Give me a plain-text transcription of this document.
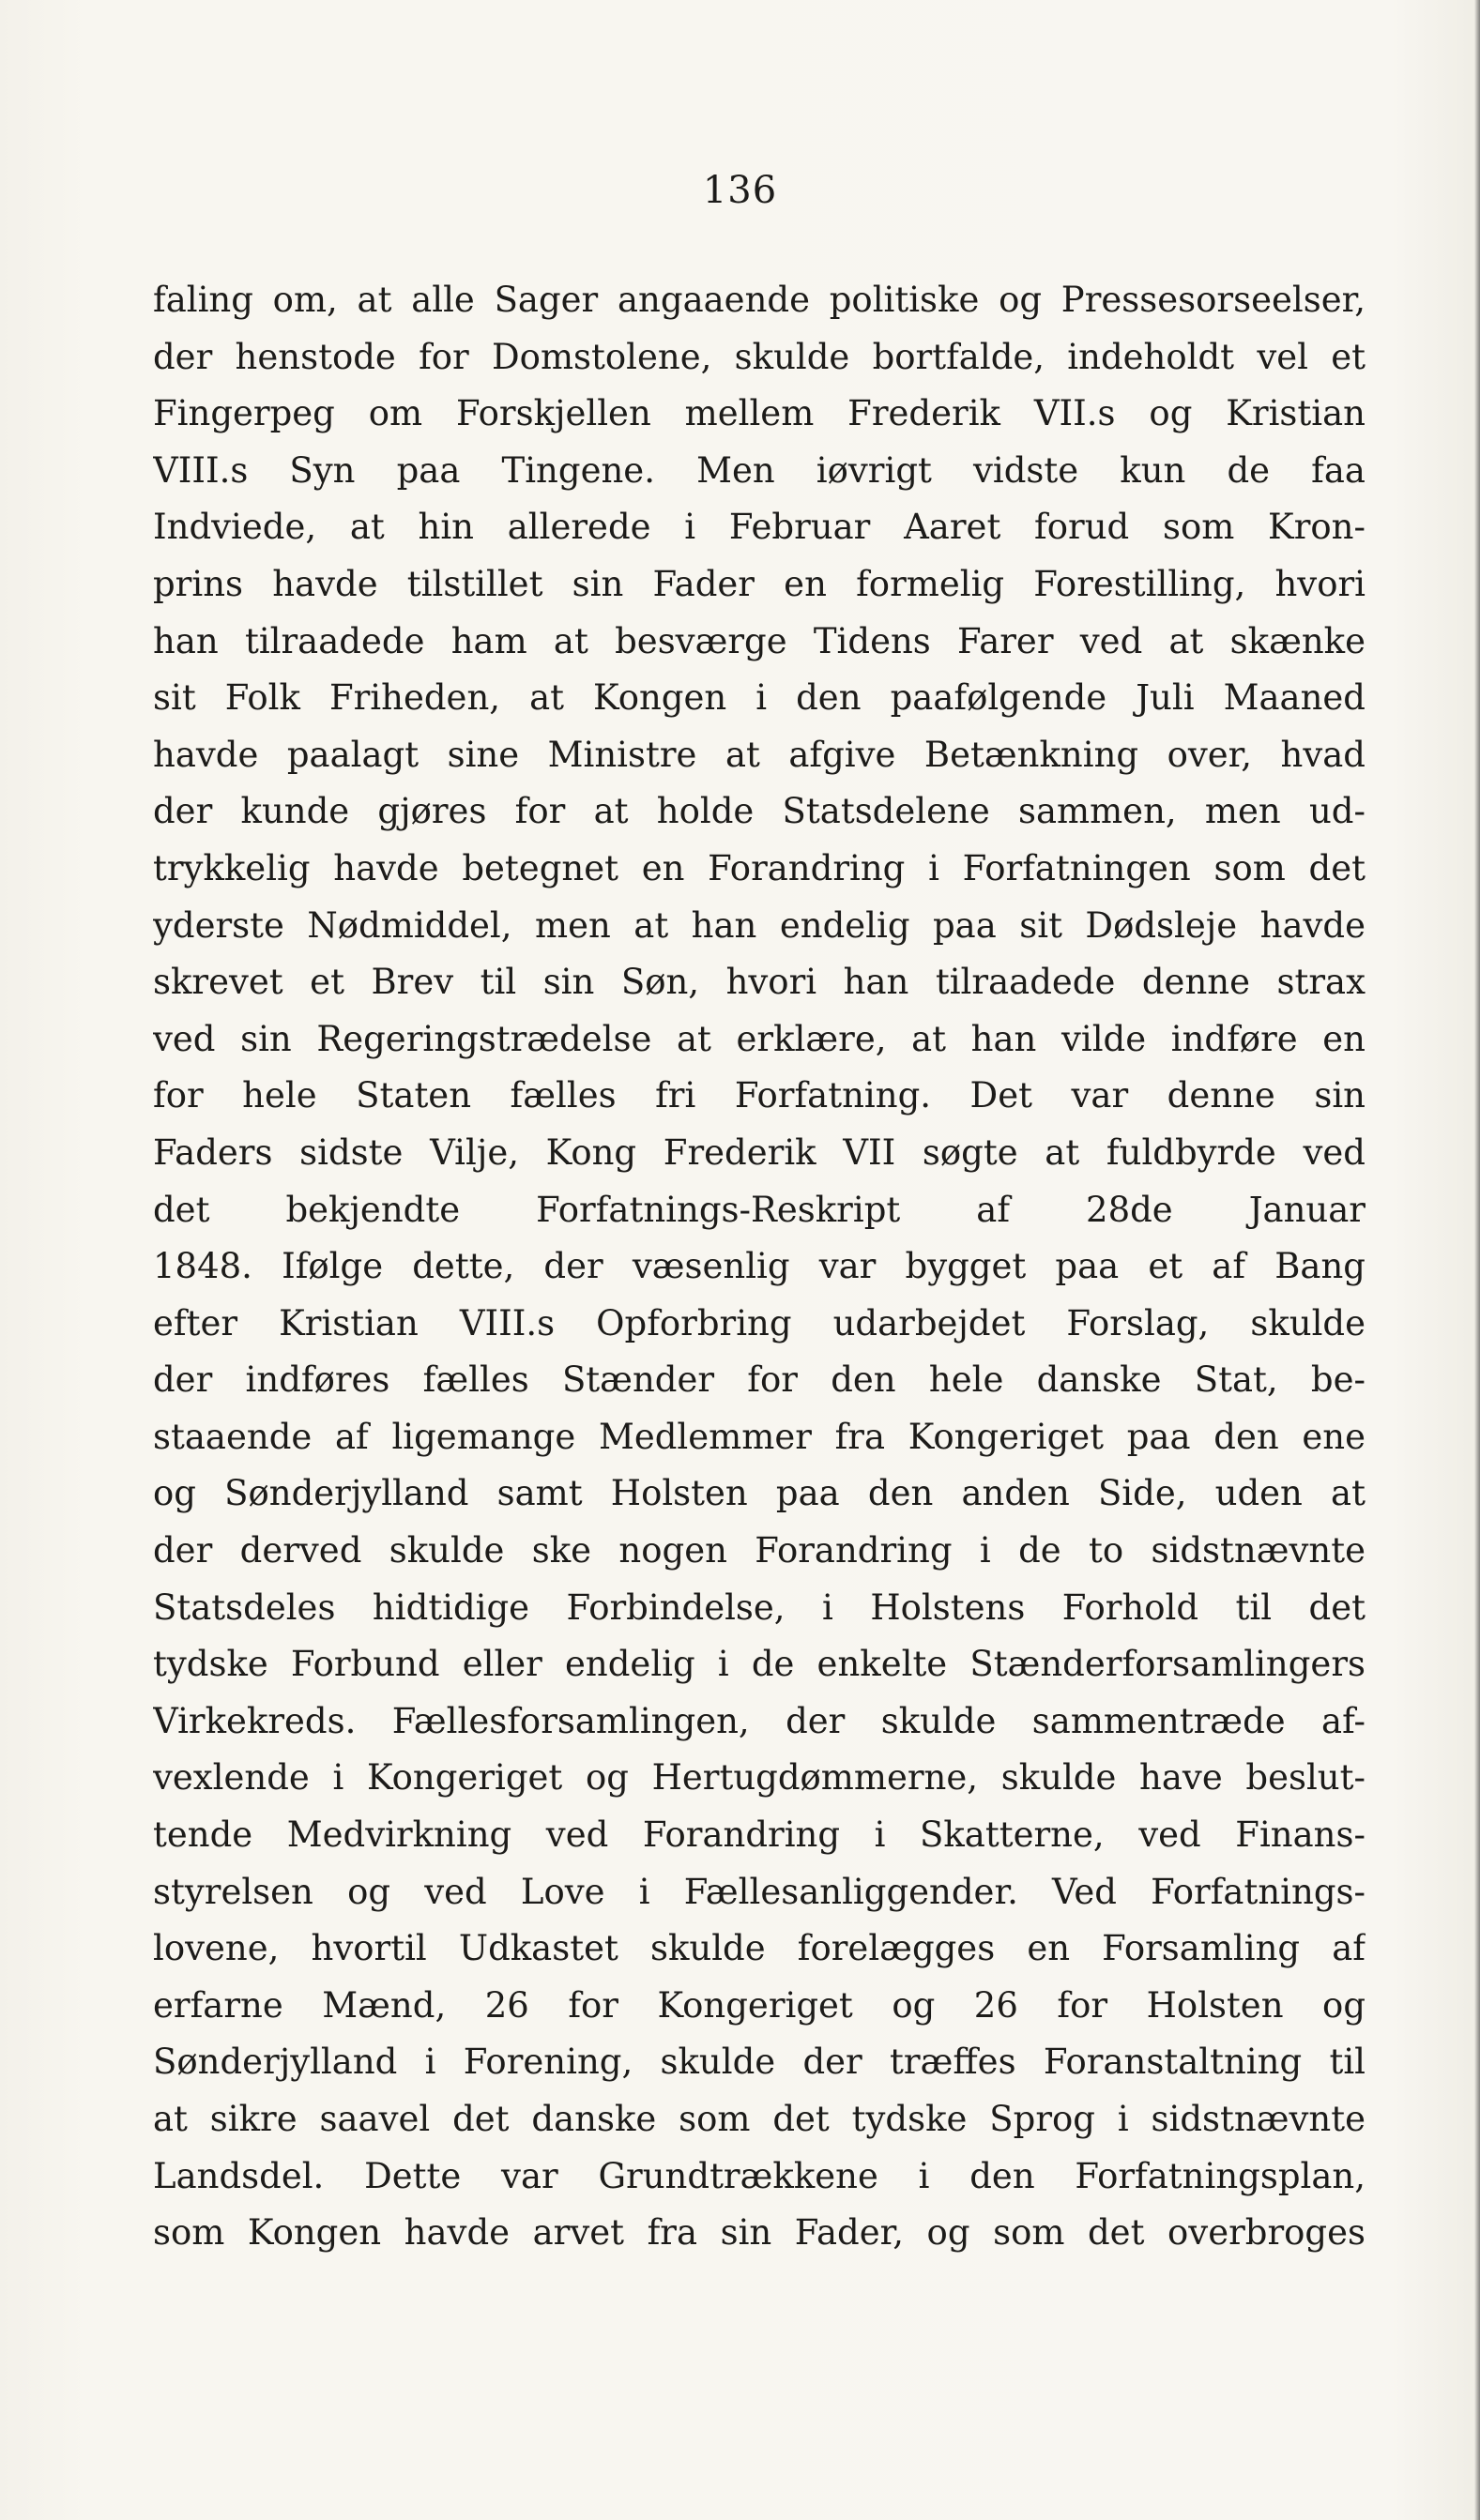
136
faling om, at alle Sager angaaende politiske og Pressesorseelser,
der henstode for Domstolene, skulde bortfalde, indeholdt vel et
Fingerpeg om Forskjellen mellem Frederik VII.s og Kristian
VIII.s Syn paa Tingene. Men iøvrigt vidste kun de faa
Indviede, at hin allerede i Februar Aaret forud som Kron-
prins havde tilstillet sin Fader en formelig Forestilling, hvori
han tilraadede ham at besværge Tidens Farer ved at skænke
sit Folk Friheden, at Kongen i den paafølgende Juli Maaned
havde paalagt sine Ministre at afgive Betænkning over, hvad
der kunde gjøres for at holde Statsdelene sammen, men ud-
trykkelig havde betegnet en Forandring i Forfatningen som det
yderste Nødmiddel, men at han endelig paa sit Dødsleje havde
skrevet et Brev til sin Søn, hvori han tilraadede denne strax
ved sin Regeringstrædelse at erklære, at han vilde indføre en
for hele Staten fælles fri Forfatning. Det var denne sin
Faders sidste Vilje, Kong Frederik VII søgte at fuldbyrde ved
det bekjendte Forfatnings-Reskript af 28de Januar
1848. Ifølge dette, der væsenlig var bygget paa et af Bang
efter Kristian VIII.s Opforbring udarbejdet Forslag, skulde
der indføres fælles Stænder for den hele danske Stat, be-
staaende af ligemange Medlemmer fra Kongeriget paa den ene
og Sønderjylland samt Holsten paa den anden Side, uden at
der derved skulde ske nogen Forandring i de to sidstnævnte
Statsdeles hidtidige Forbindelse, i Holstens Forhold til det
tydske Forbund eller endelig i de enkelte Stænderforsamlingers
Virkekreds. Fællesforsamlingen, der skulde sammentræde af-
vexlende i Kongeriget og Hertugdømmerne, skulde have beslut-
tende Medvirkning ved Forandring i Skatterne, ved Finans-
styrelsen og ved Love i Fællesanliggender. Ved Forfatnings-
lovene, hvortil Udkastet skulde forelægges en Forsamling af
erfarne Mænd, 26 for Kongeriget og 26 for Holsten og
Sønderjylland i Forening, skulde der træffes Foranstaltning til
at sikre saavel det danske som det tydske Sprog i sidstnævnte
Landsdel. Dette var Grundtrækkene i den Forfatningsplan,
som Kongen havde arvet fra sin Fader, og som det overbroges
